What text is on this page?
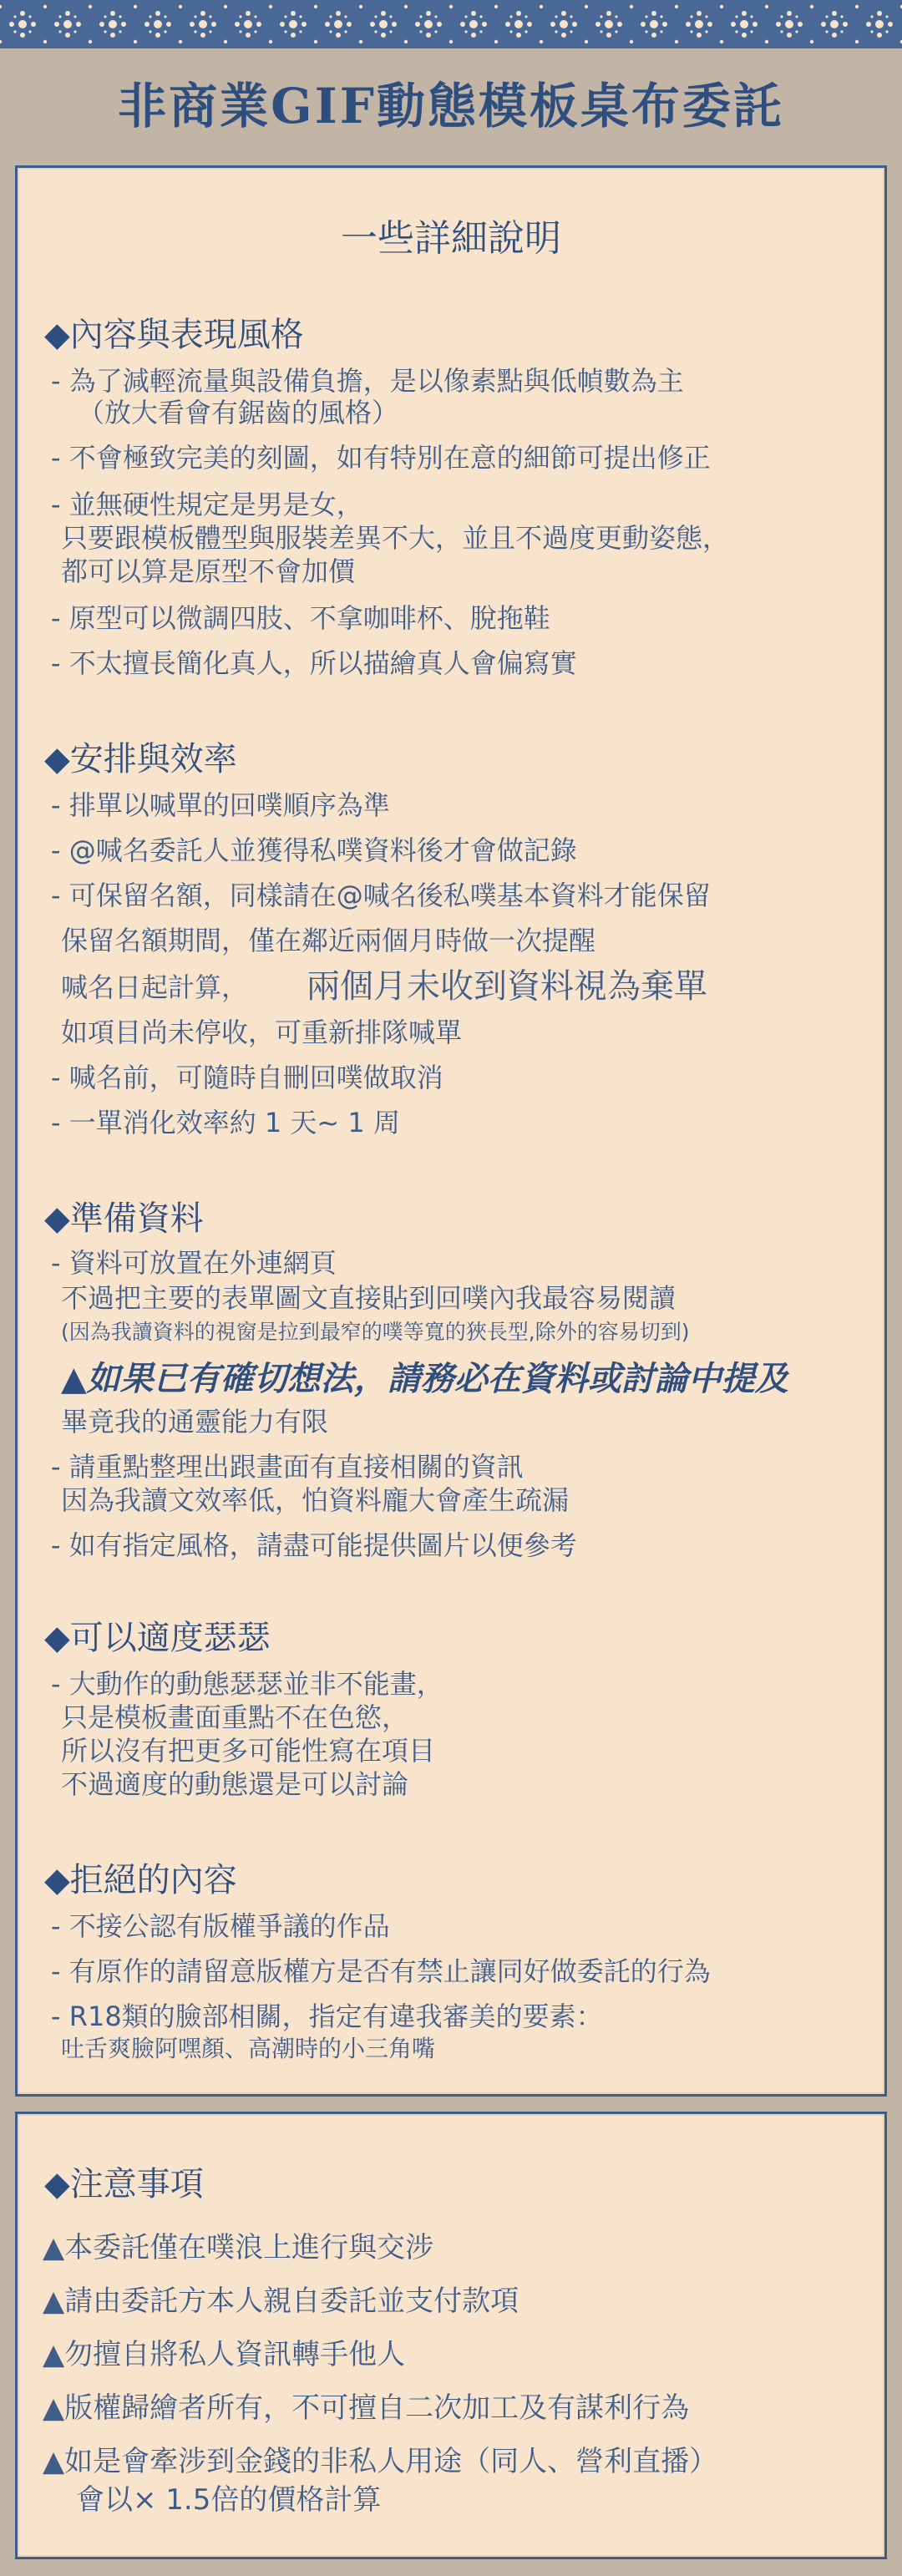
非商業GIF動態模板桌布委託
一些詳細說明
◆內容與表現風格
- 為了減輕流量與設備負擔，是以像素點與低幀數為主
（放大看會有鋸齒的風格）
- 不會極致完美的刻圖，如有特別在意的細節可提出修正
- 並無硬性規定是男是女，
只要跟模板體型與服裝差異不大，並且不過度更動姿態，
都可以算是原型不會加價
- 原型可以微調四肢、不拿咖啡杯、脫拖鞋
- 不太擅長簡化真人，所以描繪真人會偏寫實
◆安排與效率
- 排單以喊單的回噗順序為準
- @喊名委託人並獲得私噗資料後才會做記錄
- 可保留名額，同樣請在@喊名後私噗基本資料才能保留
保留名額期間，僅在鄰近兩個月時做一次提醒
喊名日起計算， 兩個月未收到資料視為棄單
如項目尚未停收，可重新排隊喊單
- 喊名前，可隨時自刪回噗做取消
- 一單消化效率約 1 天~ 1 周
◆準備資料
- 資料可放置在外連網頁
不過把主要的表單圖文直接貼到回噗內我最容易閱讀
(因為我讀資料的視窗是拉到最窄的噗等寬的狹長型,除外的容易切到)
▲如果已有確切想法，請務必在資料或討論中提及
畢竟我的通靈能力有限
- 請重點整理出跟畫面有直接相關的資訊
因為我讀文效率低，怕資料龐大會產生疏漏
- 如有指定風格，請盡可能提供圖片以便參考
◆可以適度瑟瑟
- 大動作的動態瑟瑟並非不能畫，
只是模板畫面重點不在色慾，
所以沒有把更多可能性寫在項目
不過適度的動態還是可以討論
◆拒絕的內容
- 不接公認有版權爭議的作品
- 有原作的請留意版權方是否有禁止讓同好做委託的行為
- R18類的臉部相關，指定有違我審美的要素：
吐舌爽臉阿嘿顏、高潮時的小三角嘴
◆注意事項
▲本委託僅在噗浪上進行與交涉
▲請由委託方本人親自委託並支付款項
▲勿擅自將私人資訊轉手他人
▲版權歸繪者所有，不可擅自二次加工及有謀利行為
▲如是會牽涉到金錢的非私人用途（同人、營利直播）
會以× 1.5倍的價格計算
